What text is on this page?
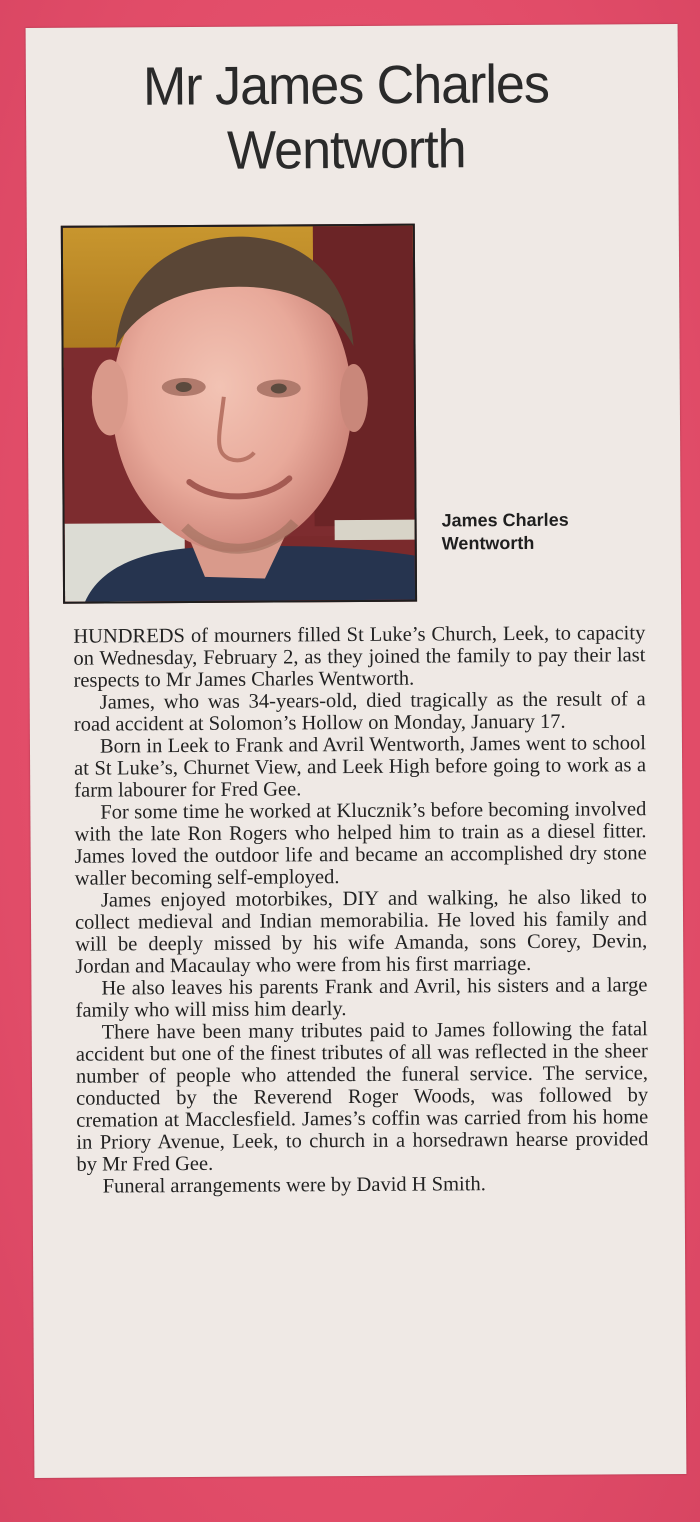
Mr James Charles Wentworth
James Charles Wentworth

HUNDREDS of mourners filled St Luke’s Church, Leek, to capacity on Wednesday, February 2, as they joined the family to pay their last respects to Mr James Charles Wentworth.

James, who was 34-years-old, died tragically as the result of a road accident at Solomon’s Hollow on Monday, January 17.

Born in Leek to Frank and Avril Wentworth, James went to school at St Luke’s, Churnet View, and Leek High before going to work as a farm labourer for Fred Gee.

For some time he worked at Klucznik’s before becoming involved with the late Ron Rogers who helped him to train as a diesel fitter. James loved the outdoor life and became an accomplished dry stone waller becoming self-employed.

James enjoyed motorbikes, DIY and walking, he also liked to collect medieval and Indian memorabilia. He loved his family and will be deeply missed by his wife Amanda, sons Corey, Devin, Jordan and Macaulay who were from his first marriage.

He also leaves his parents Frank and Avril, his sisters and a large family who will miss him dearly.

There have been many tributes paid to James following the fatal accident but one of the finest tributes of all was reflected in the sheer number of people who attended the funeral service. The service, conducted by the Reverend Roger Woods, was followed by cremation at Macclesfield. James’s coffin was carried from his home in Priory Avenue, Leek, to church in a horsedrawn hearse provided by Mr Fred Gee.

Funeral arrangements were by David H Smith.
